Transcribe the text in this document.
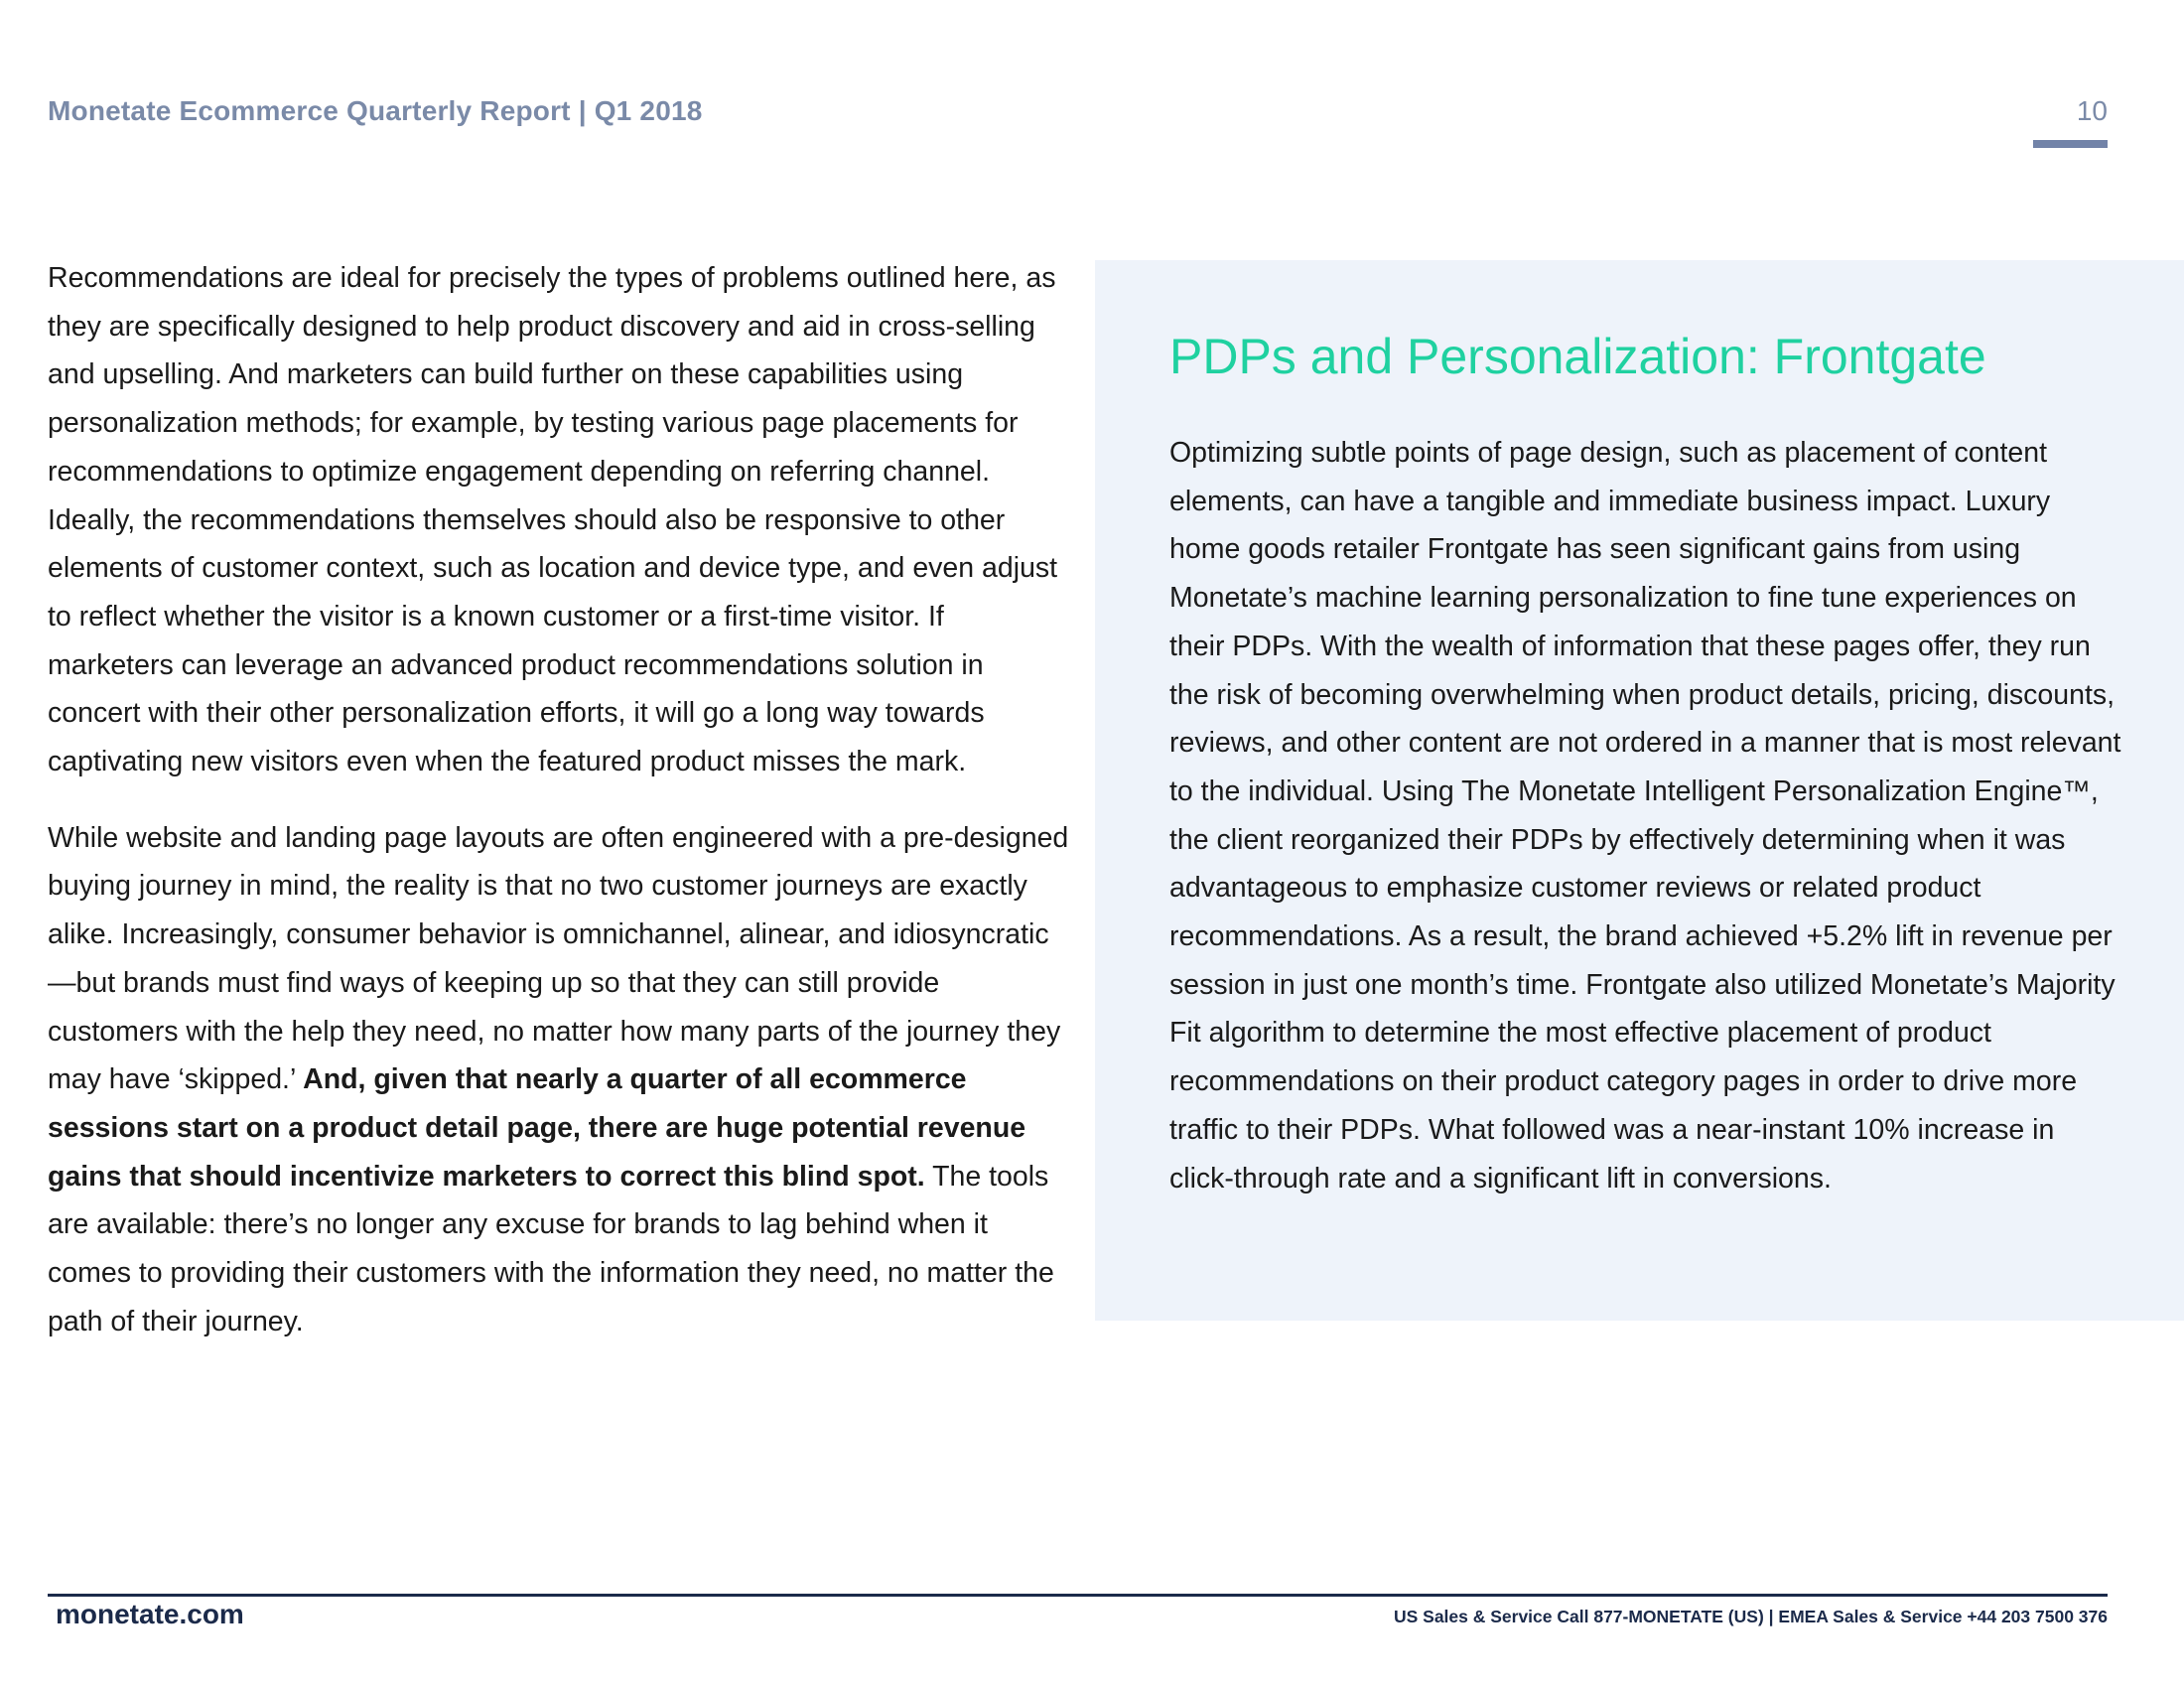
Monetate Ecommerce Quarterly Report | Q1 2018	10

Recommendations are ideal for precisely the types of problems outlined here, as they are specifically designed to help product discovery and aid in cross-selling and upselling. And marketers can build further on these capabilities using personalization methods; for example, by testing various page placements for recommendations to optimize engagement depending on referring channel. Ideally, the recommendations themselves should also be responsive to other elements of customer context, such as location and device type, and even adjust to reflect whether the visitor is a known customer or a first-time visitor. If marketers can leverage an advanced product recommendations solution in concert with their other personalization efforts, it will go a long way towards captivating new visitors even when the featured product misses the mark.

While website and landing page layouts are often engineered with a pre-designed buying journey in mind, the reality is that no two customer journeys are exactly alike. Increasingly, consumer behavior is omnichannel, alinear, and idiosyncratic—but brands must find ways of keeping up so that they can still provide customers with the help they need, no matter how many parts of the journey they may have ‘skipped.’ And, given that nearly a quarter of all ecommerce sessions start on a product detail page, there are huge potential revenue gains that should incentivize marketers to correct this blind spot. The tools are available: there’s no longer any excuse for brands to lag behind when it comes to providing their customers with the information they need, no matter the path of their journey.

PDPs and Personalization: Frontgate

Optimizing subtle points of page design, such as placement of content elements, can have a tangible and immediate business impact. Luxury home goods retailer Frontgate has seen significant gains from using Monetate’s machine learning personalization to fine tune experiences on their PDPs. With the wealth of information that these pages offer, they run the risk of becoming overwhelming when product details, pricing, discounts, reviews, and other content are not ordered in a manner that is most relevant to the individual. Using The Monetate Intelligent Personalization Engine™, the client reorganized their PDPs by effectively determining when it was advantageous to emphasize customer reviews or related product recommendations. As a result, the brand achieved +5.2% lift in revenue per session in just one month’s time. Frontgate also utilized Monetate’s Majority Fit algorithm to determine the most effective placement of product recommendations on their product category pages in order to drive more traffic to their PDPs. What followed was a near-instant 10% increase in click-through rate and a significant lift in conversions.

monetate.com	US Sales & Service Call 877-MONETATE (US) | EMEA Sales & Service +44 203 7500 376
